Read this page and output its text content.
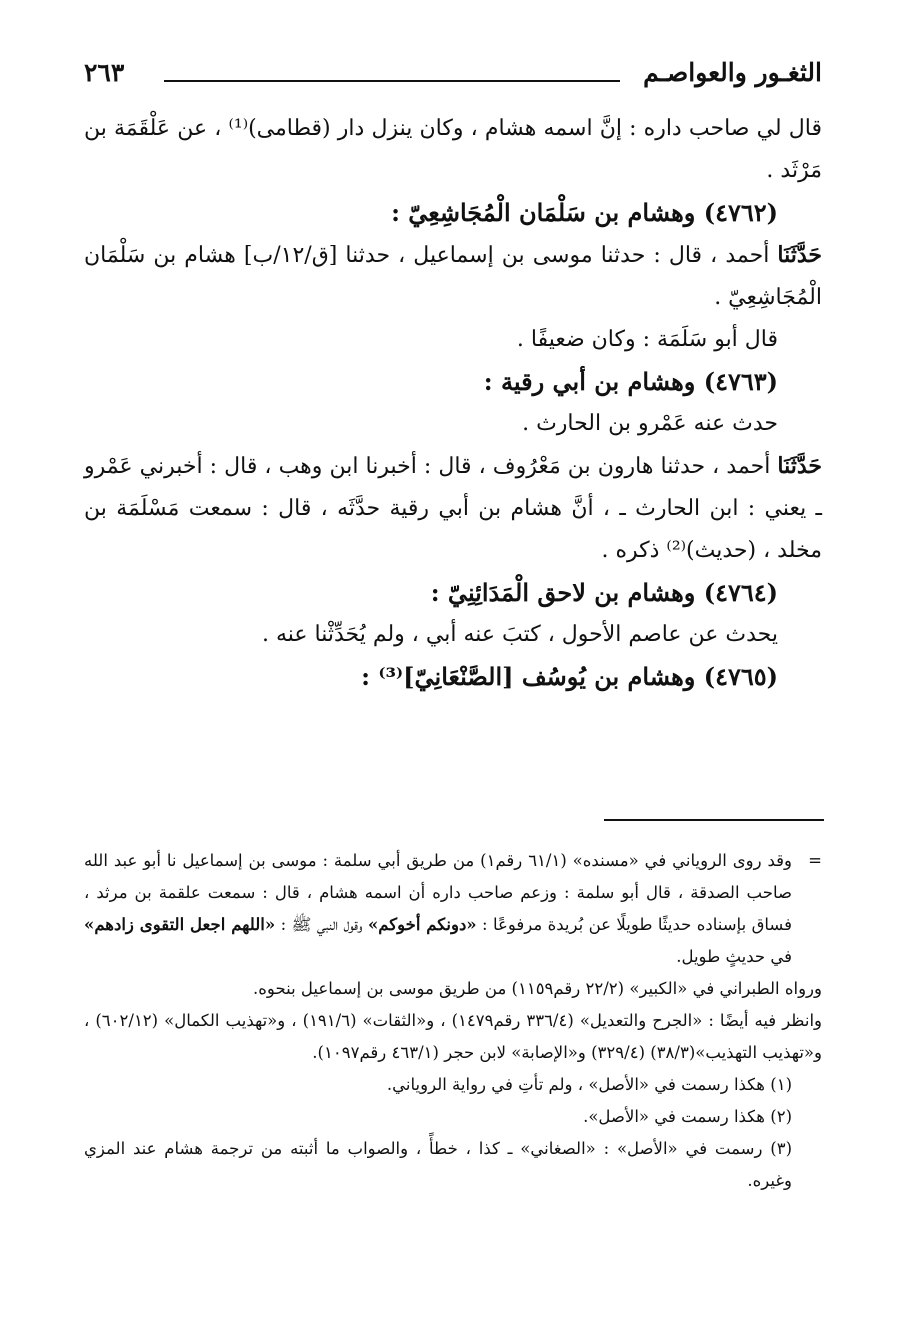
الثغـور والعواصـم
٢٦٣

قال لي صاحب داره : إنَّ اسمه هشام ، وكان ينزل دار (قطامى)⁽¹⁾ ، عن عَلْقَمَة بن مَرْثَد .

(٤٧٦٢) وهشام بن سَلْمَان الْمُجَاشِعِيّ :

حَدَّثَنَا أحمد ، قال : حدثنا موسى بن إسماعيل ، حدثنا [ق/١٢/ب] هشام بن سَلْمَان الْمُجَاشِعِيّ .

قال أبو سَلَمَة : وكان ضعيفًا .

(٤٧٦٣) وهشام بن أبي رقية :

حدث عنه عَمْرو بن الحارث .

حَدَّثَنَا أحمد ، حدثنا هارون بن مَعْرُوف ، قال : أخبرنا ابن وهب ، قال : أخبرني عَمْرو ـ يعني : ابن الحارث ـ ، أنَّ هشام بن أبي رقية حدَّثَه ، قال : سمعت مَسْلَمَة بن مخلد ، (حديث)⁽²⁾ ذكره .

(٤٧٦٤) وهشام بن لاحق الْمَدَائِنِيّ :

يحدث عن عاصم الأحول ، كتبَ عنه أبي ، ولم يُحَدِّثْنا عنه .

(٤٧٦٥) وهشام بن يُوسُف [الصَّنْعَانِيّ]⁽³⁾ :

=
وقد روى الروياني في «مسنده» (٦١/١ رقم١) من طريق أبي سلمة : موسى بن إسماعيل نا أبو عبد الله صاحب الصدقة ، قال أبو سلمة : وزعم صاحب داره أن اسمه هشام ، قال : سمعت علقمة بن مرثد ، فساق بإسناده حديثًا طويلًا عن بُريدة مرفوعًا : «دونكم أخوكم» وقول النبي ﷺ : «اللهم اجعل التقوى زادهم» في حديثٍ طويل.

ورواه الطبراني في «الكبير» (٢٢/٢ رقم١١٥٩) من طريق موسى بن إسماعيل بنحوه.

وانظر فيه أيضًا : «الجرح والتعديل» (٣٣٦/٤ رقم١٤٧٩) ، و«الثقات» (١٩١/٦) ، و«تهذيب الكمال» (٦٠٢/١٢) ، و«تهذيب التهذيب»(٣٨/٣) (٣٢٩/٤) و«الإصابة» لابن حجر (٤٦٣/١ رقم١٠٩٧).

(١) هكذا رسمت في «الأصل» ، ولم تأتِ في رواية الروياني.

(٢) هكذا رسمت في «الأصل».

(٣) رسمت في «الأصل» : «الصغاني» ـ كذا ، خطأً ، والصواب ما أثبته من ترجمة هشام عند المزي وغيره.
